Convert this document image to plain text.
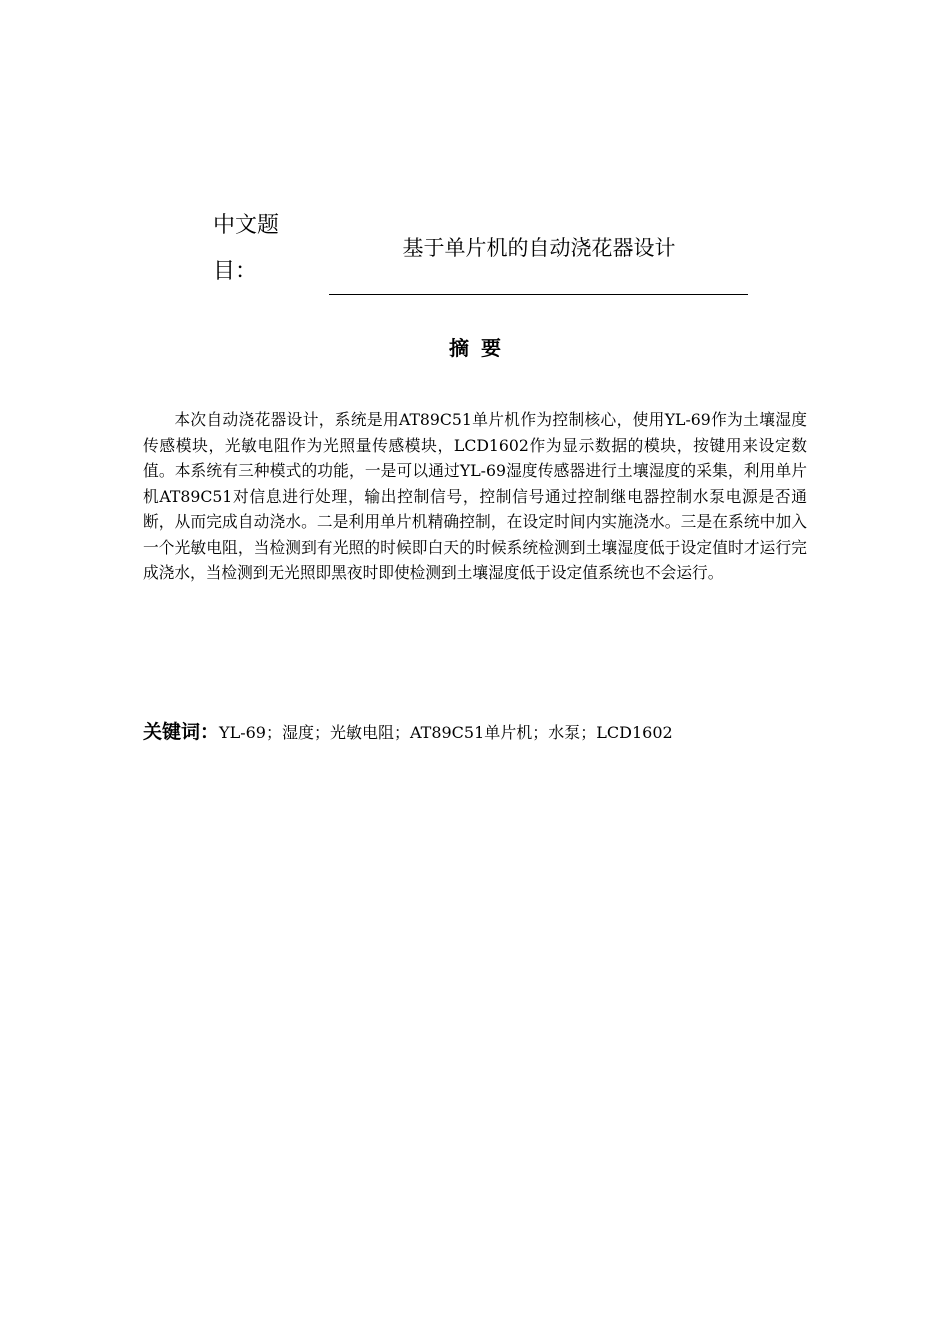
中文题目：
基于单片机的自动浇花器设计
摘要

本次自动浇花器设计，系统是用AT89C51单片机作为控制核心，使用YL-69作为土壤湿度传感模块，光敏电阻作为光照量传感模块，LCD1602作为显示数据的模块，按键用来设定数值。本系统有三种模式的功能，一是可以通过YL-69湿度传感器进行土壤湿度的采集，利用单片机AT89C51对信息进行处理，输出控制信号，控制信号通过控制继电器控制水泵电源是否通断，从而完成自动浇水。二是利用单片机精确控制，在设定时间内实施浇水。三是在系统中加入一个光敏电阻，当检测到有光照的时候即白天的时候系统检测到土壤湿度低于设定值时才运行完成浇水，当检测到无光照即黑夜时即使检测到土壤湿度低于设定值系统也不会运行。

关键词：YL-69；湿度；光敏电阻；AT89C51单片机；水泵；LCD1602
